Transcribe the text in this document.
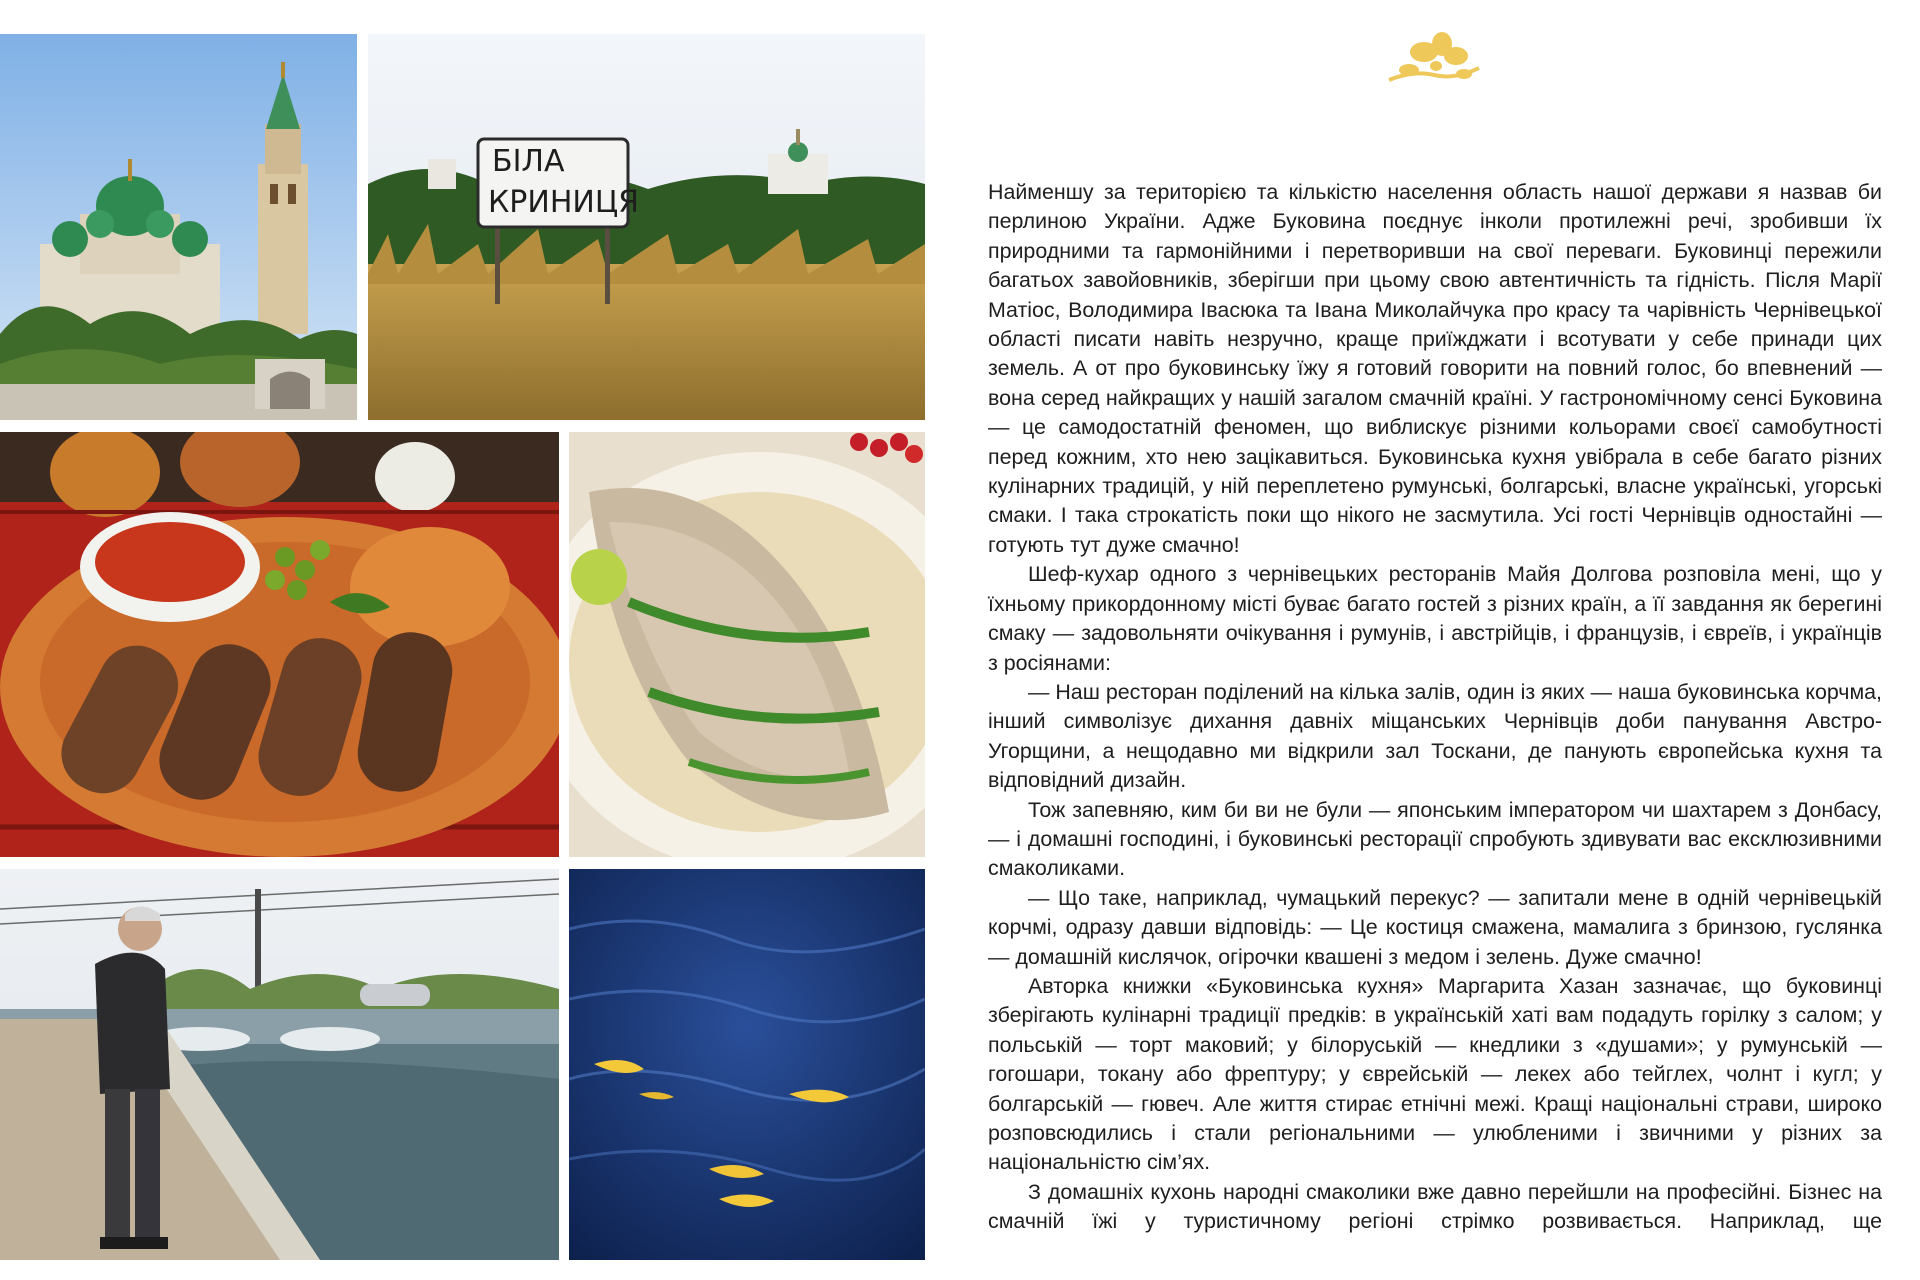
БІЛА
КРИНИЦЯ	Найменшу за територією та кількістю населення область нашої держави я назвав би перлиною України. Адже Буковина поєднує інколи протилежні речі, зробивши їх природними та гармонійними і перетворивши на свої переваги. Буковинці пережили багатьох завойовників, зберігши при цьому свою автентичність та гідність. Після Марії Матіос, Володимира Івасюка та Івана Миколайчука про красу та чарівність Чернівецької області писати навіть незручно, краще приїжджати і всотувати у себе принади цих земель. А от про буковинську їжу я готовий говорити на повний голос, бо впевнений — вона серед найкращих у нашій загалом смачній країні. У гастрономічному сенсі Буковина — це самодостатній феномен, що виблискує різними кольорами своєї самобутності перед кожним, хто нею зацікавиться. Буковинська кухня увібрала в себе багато різних кулінарних традицій, у ній переплетено румунські, болгарські, власне українські, угорські смаки. І така строкатість поки що нікого не засмутила. Усі гості Чернівців одностайні — готують тут дуже смачно!

Шеф-кухар одного з чернівецьких ресторанів Майя Долгова розповіла мені, що у їхньому прикордонному місті буває багато гостей з різних країн, а її завдання як берегині смаку — задовольняти очікування і румунів, і австрійців, і французів, і євреїв, і українців з росіянами:

— Наш ресторан поділений на кілька залів, один із яких — наша буковинська корчма, інший символізує дихання давніх міщанських Чернівців доби панування Австро-Угорщини, а нещодавно ми відкрили зал Тоскани, де панують європейська кухня та відповідний дизайн.

Тож запевняю, ким би ви не були — японським імператором чи шахтарем з Донбасу, — і домашні господині, і буковинські ресторації спробують здивувати вас ексклюзивними смаколиками.

— Що таке, наприклад, чумацький перекус? — запитали мене в одній чернівецькій корчмі, одразу давши відповідь: — Це костиця смажена, мамалига з бринзою, гуслянка — домашній кислячок, огірочки квашені з медом і зелень. Дуже смачно!

Авторка книжки «Буковинська кухня» Маргарита Хазан зазначає, що буковинці зберігають кулінарні традиції предків: в українській хаті вам подадуть горілку з салом; у польській — торт маковий; у білоруській — кнедлики з «душами»; у румунській — гогошари, токану або фрептуру; у єврейській — лекех або тейглех, чолнт і кугл; у болгарській — гювеч. Але життя стирає етнічні межі. Кращі національні страви, широко розповсюдились і стали регіональними — улюбленими і звичними у різних за національністю сім’ях.

З домашніх кухонь народні смаколики вже давно перейшли на професійні. Бізнес на смачній їжі у туристичному регіоні стрімко розвивається. Наприклад, ще
